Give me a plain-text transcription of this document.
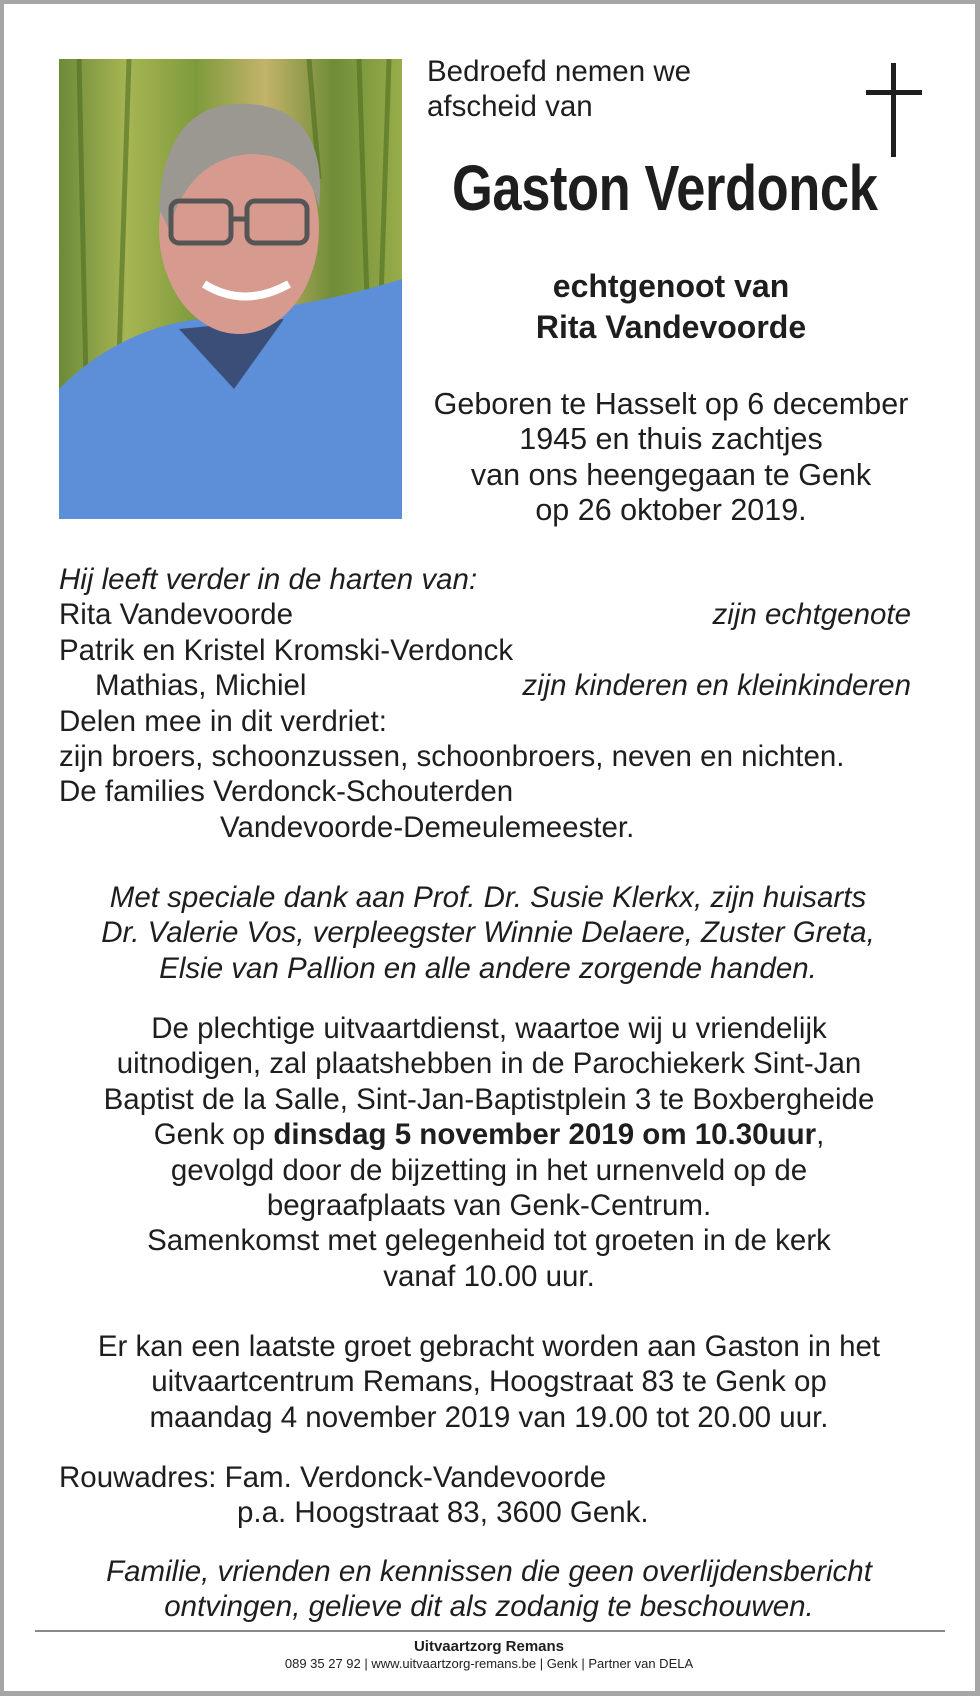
Bedroefd nemen we
afscheid van
Gaston Verdonck
echtgenoot van
Rita Vandevoorde
Geboren te Hasselt op 6 december
1945 en thuis zachtjes
van ons heengegaan te Genk
op 26 oktober 2019.
Hij leeft verder in de harten van:
Rita Vandevoorde	zijn echtgenote
Patrik en Kristel Kromski-Verdonck
Mathias, Michiel	zijn kinderen en kleinkinderen
Delen mee in dit verdriet:
zijn broers, schoonzussen, schoonbroers, neven en nichten.
De families Verdonck-Schouterden
Vandevoorde-Demeulemeester.
Met speciale dank aan Prof. Dr. Susie Klerkx, zijn huisarts
Dr. Valerie Vos, verpleegster Winnie Delaere, Zuster Greta,
Elsie van Pallion en alle andere zorgende handen.
De plechtige uitvaartdienst, waartoe wij u vriendelijk
uitnodigen, zal plaatshebben in de Parochiekerk Sint-Jan
Baptist de la Salle, Sint-Jan-Baptistplein 3 te Boxbergheide
Genk op dinsdag 5 november 2019 om 10.30uur,
gevolgd door de bijzetting in het urnenveld op de
begraafplaats van Genk-Centrum.
Samenkomst met gelegenheid tot groeten in de kerk
vanaf 10.00 uur.
Er kan een laatste groet gebracht worden aan Gaston in het
uitvaartcentrum Remans, Hoogstraat 83 te Genk op
maandag 4 november 2019 van 19.00 tot 20.00 uur.
Rouwadres: Fam. Verdonck-Vandevoorde
p.a. Hoogstraat 83, 3600 Genk.
Familie, vrienden en kennissen die geen overlijdensbericht
ontvingen, gelieve dit als zodanig te beschouwen.
Uitvaartzorg Remans
089 35 27 92 | www.uitvaartzorg-remans.be | Genk | Partner van DELA
